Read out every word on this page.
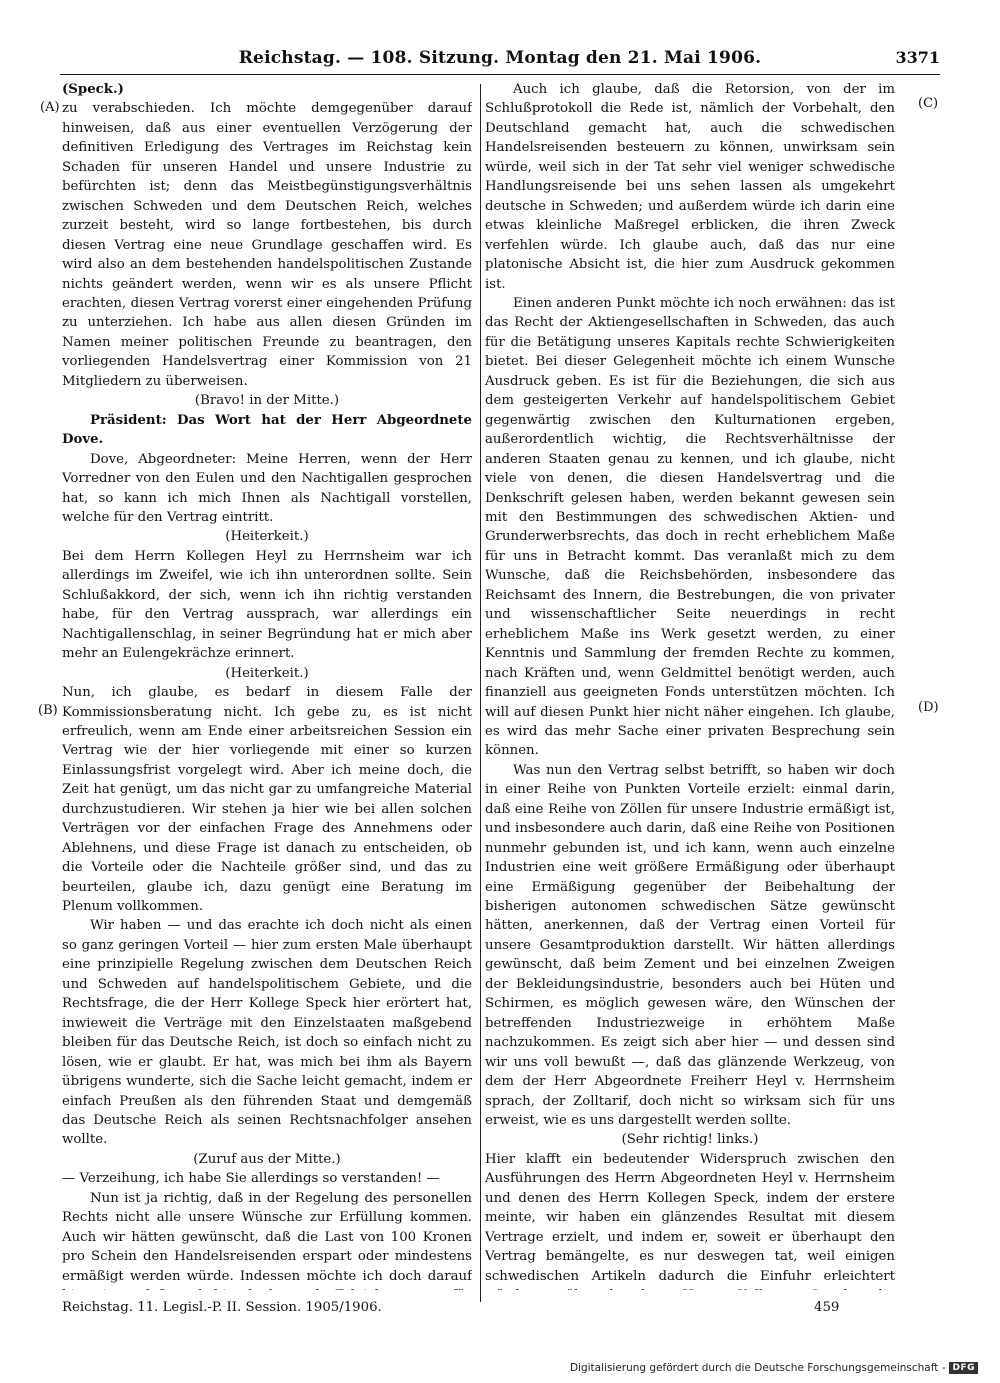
Reichstag. — 108. Sitzung. Montag den 21. Mai 1906.	3371
(A)
(B)
(C)
(D)

(Speck.)

zu verabschieden. Ich möchte demgegenüber darauf hinweisen, daß aus einer eventuellen Verzögerung der definitiven Erledigung des Vertrages im Reichstag kein Schaden für unseren Handel und unsere Industrie zu befürchten ist; denn das Meistbegünstigungsverhältnis zwischen Schweden und dem Deutschen Reich, welches zurzeit besteht, wird so lange fortbestehen, bis durch diesen Vertrag eine neue Grundlage geschaffen wird. Es wird also an dem bestehenden handelspolitischen Zustande nichts geändert werden, wenn wir es als unsere Pflicht erachten, diesen Vertrag vorerst einer eingehenden Prüfung zu unterziehen. Ich habe aus allen diesen Gründen im Namen meiner politischen Freunde zu beantragen, den vorliegenden Handelsvertrag einer Kommission von 21 Mitgliedern zu überweisen.

(Bravo! in der Mitte.)

Präsident: Das Wort hat der Herr Abgeordnete Dove.

Dove, Abgeordneter: Meine Herren, wenn der Herr Vorredner von den Eulen und den Nachtigallen gesprochen hat, so kann ich mich Ihnen als Nachtigall vorstellen, welche für den Vertrag eintritt.

(Heiterkeit.)

Bei dem Herrn Kollegen Heyl zu Herrnsheim war ich allerdings im Zweifel, wie ich ihn unterordnen sollte. Sein Schlußakkord, der sich, wenn ich ihn richtig verstanden habe, für den Vertrag aussprach, war allerdings ein Nachtigallenschlag, in seiner Begründung hat er mich aber mehr an Eulengekrächze erinnert.

(Heiterkeit.)

Nun, ich glaube, es bedarf in diesem Falle der Kommissionsberatung nicht. Ich gebe zu, es ist nicht erfreulich, wenn am Ende einer arbeitsreichen Session ein Vertrag wie der hier vorliegende mit einer so kurzen Einlassungsfrist vorgelegt wird. Aber ich meine doch, die Zeit hat genügt, um das nicht gar zu umfangreiche Material durchzustudieren. Wir stehen ja hier wie bei allen solchen Verträgen vor der einfachen Frage des Annehmens oder Ablehnens, und diese Frage ist danach zu entscheiden, ob die Vorteile oder die Nachteile größer sind, und das zu beurteilen, glaube ich, dazu genügt eine Beratung im Plenum vollkommen.

Wir haben — und das erachte ich doch nicht als einen so ganz geringen Vorteil — hier zum ersten Male überhaupt eine prinzipielle Regelung zwischen dem Deutschen Reich und Schweden auf handelspolitischem Gebiete, und die Rechtsfrage, die der Herr Kollege Speck hier erörtert hat, inwieweit die Verträge mit den Einzelstaaten maßgebend bleiben für das Deutsche Reich, ist doch so einfach nicht zu lösen, wie er glaubt. Er hat, was mich bei ihm als Bayern übrigens wunderte, sich die Sache leicht gemacht, indem er einfach Preußen als den führenden Staat und demgemäß das Deutsche Reich als seinen Rechtsnachfolger ansehen wollte.

(Zuruf aus der Mitte.)

— Verzeihung, ich habe Sie allerdings so verstanden! —

Nun ist ja richtig, daß in der Regelung des personellen Rechts nicht alle unsere Wünsche zur Erfüllung kommen. Auch wir hätten gewünscht, daß die Last von 100 Kronen pro Schein den Handelsreisenden erspart oder mindestens ermäßigt werden würde. Indessen möchte ich doch darauf

Auch ich glaube, daß die Retorsion, von der im Schlußprotokoll die Rede ist, nämlich der Vorbehalt, den Deutschland gemacht hat, auch die schwedischen Handelsreisenden besteuern zu können, unwirksam sein würde, weil sich in der Tat sehr viel weniger schwedische Handlungsreisende bei uns sehen lassen als umgekehrt deutsche in Schweden; und außerdem würde ich darin eine etwas kleinliche Maßregel erblicken, die ihren Zweck verfehlen würde. Ich glaube auch, daß das nur eine platonische Absicht ist, die hier zum Ausdruck gekommen ist.

Einen anderen Punkt möchte ich noch erwähnen: das ist das Recht der Aktiengesellschaften in Schweden, das auch für die Betätigung unseres Kapitals rechte Schwierigkeiten bietet. Bei dieser Gelegenheit möchte ich einem Wunsche Ausdruck geben. Es ist für die Beziehungen, die sich aus dem gesteigerten Verkehr auf handelspolitischem Gebiet gegenwärtig zwischen den Kulturnationen ergeben, außerordentlich wichtig, die Rechtsverhältnisse der anderen Staaten genau zu kennen, und ich glaube, nicht viele von denen, die diesen Handelsvertrag und die Denkschrift gelesen haben, werden bekannt gewesen sein mit den Bestimmungen des schwedischen Aktien- und Grunderwerbsrechts, das doch in recht erheblichem Maße für uns in Betracht kommt. Das veranlaßt mich zu dem Wunsche, daß die Reichsbehörden, insbesondere das Reichsamt des Innern, die Bestrebungen, die von privater und wissenschaftlicher Seite neuerdings in recht erheblichem Maße ins Werk gesetzt werden, zu einer Kenntnis und Sammlung der fremden Rechte zu kommen, nach Kräften und, wenn Geldmittel benötigt werden, auch finanziell aus geeigneten Fonds unterstützen möchten. Ich will auf diesen Punkt hier nicht näher eingehen. Ich glaube, es wird das mehr Sache einer privaten Besprechung sein können.

Was nun den Vertrag selbst betrifft, so haben wir doch in einer Reihe von Punkten Vorteile erzielt: einmal darin, daß eine Reihe von Zöllen für unsere Industrie ermäßigt ist, und insbesondere auch darin, daß eine Reihe von Positionen nunmehr gebunden ist, und ich kann, wenn auch einzelne Industrien eine weit größere Ermäßigung oder überhaupt eine Ermäßigung gegenüber der Beibehaltung der bisherigen autonomen schwedischen Sätze gewünscht hätten, anerkennen, daß der Vertrag einen Vorteil für unsere Gesamtproduktion darstellt. Wir hätten allerdings gewünscht, daß beim Zement und bei einzelnen Zweigen der Bekleidungsindustrie, besonders auch bei Hüten und Schirmen, es möglich gewesen wäre, den Wünschen der betreffenden Industriezweige in erhöhtem Maße nachzukommen. Es zeigt sich aber hier — und dessen sind wir uns voll bewußt —, daß das glänzende Werkzeug, von dem der Herr Abgeordnete Freiherr Heyl v. Herrnsheim sprach, der Zolltarif, doch nicht so wirksam sich für uns erweist, wie es uns dargestellt werden sollte.

(Sehr richtig! links.)

Hier klafft ein bedeutender Widerspruch zwischen den Ausführungen des Herrn Abgeordneten Heyl v. Herrnsheim und denen des Herrn Kollegen Speck, indem der erstere meinte, wir haben ein glänzendes Resultat mit diesem Vertrage erzielt, und indem er, soweit er überhaupt den Vertrag bemängelte, es nur deswegen tat, weil einigen schwedischen Artikeln dadurch die Einfuhr erleichtert

Reichstag. 11. Legisl.-P. II. Session. 1905/1906.	459
Digitalisierung gefördert durch die Deutsche Forschungsgemeinschaft - DFG
